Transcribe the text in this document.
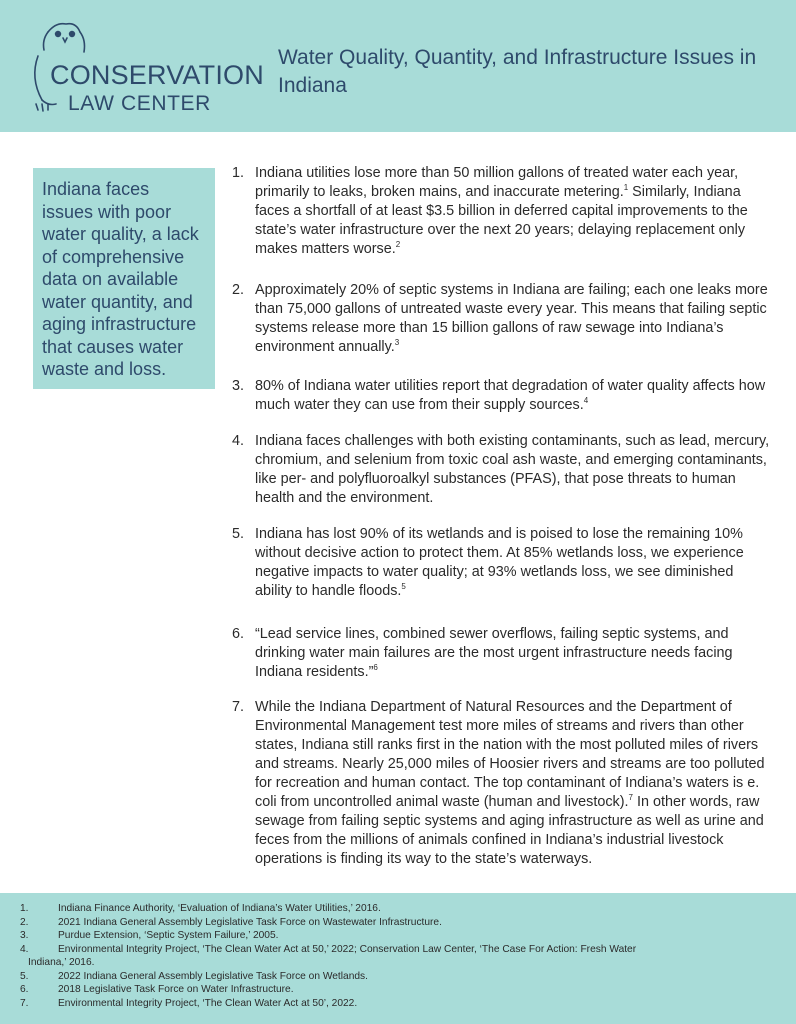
CONSERVATION
LAW CENTER
Water Quality, Quantity, and Infrastructure Issues in Indiana

Indiana faces issues with poor water quality, a lack of comprehensive data on available water quantity, and aging infrastructure that causes water waste and loss.

1. Indiana utilities lose more than 50 million gallons of treated water each year, primarily to leaks, broken mains, and inaccurate metering.$^1$ Similarly, Indiana faces a shortfall of at least $3.5 billion in deferred capital improvements to the state’s water infrastructure over the next 20 years; delaying replacement only makes matters worse.$^2$
2. Approximately 20% of septic systems in Indiana are failing; each one leaks more than 75,000 gallons of untreated waste every year. This means that failing septic systems release more than 15 billion gallons of raw sewage into Indiana’s environment annually.$^3$
3. 80% of Indiana water utilities report that degradation of water quality affects how much water they can use from their supply sources.$^4$
4. Indiana faces challenges with both existing contaminants, such as lead, mercury, chromium, and selenium from toxic coal ash waste, and emerging contaminants, like per- and polyfluoroalkyl substances (PFAS), that pose threats to human health and the environment.
5. Indiana has lost 90% of its wetlands and is poised to lose the remaining 10% without decisive action to protect them. At 85% wetlands loss, we experience negative impacts to water quality; at 93% wetlands loss, we see diminished ability to handle floods.$^5$
6. “Lead service lines, combined sewer overflows, failing septic systems, and drinking water main failures are the most urgent infrastructure needs facing Indiana residents.”$^6$
7. While the Indiana Department of Natural Resources and the Department of Environmental Management test more miles of streams and rivers than other states, Indiana still ranks first in the nation with the most polluted miles of rivers and streams. Nearly 25,000 miles of Hoosier rivers and streams are too polluted for recreation and human contact. The top contaminant of Indiana’s waters is e. coli from uncontrolled animal waste (human and livestock).$^7$ In other words, raw sewage from failing septic systems and aging infrastructure as well as urine and feces from the millions of animals confined in Indiana’s industrial livestock operations is finding its way to the state’s waterways.
1.	Indiana Finance Authority, ‘Evaluation of Indiana’s Water Utilities,’ 2016.
2.	2021 Indiana General Assembly Legislative Task Force on Wastewater Infrastructure.
3.	Purdue Extension, ‘Septic System Failure,’ 2005.
4.	Environmental Integrity Project, ‘The Clean Water Act at 50,’ 2022; Conservation Law Center, ‘The Case For Action: Fresh Water
Indiana,’ 2016.
5.	2022 Indiana General Assembly Legislative Task Force on Wetlands.
6.	2018 Legislative Task Force on Water Infrastructure.
7.	Environmental Integrity Project, ‘The Clean Water Act at 50’, 2022.
